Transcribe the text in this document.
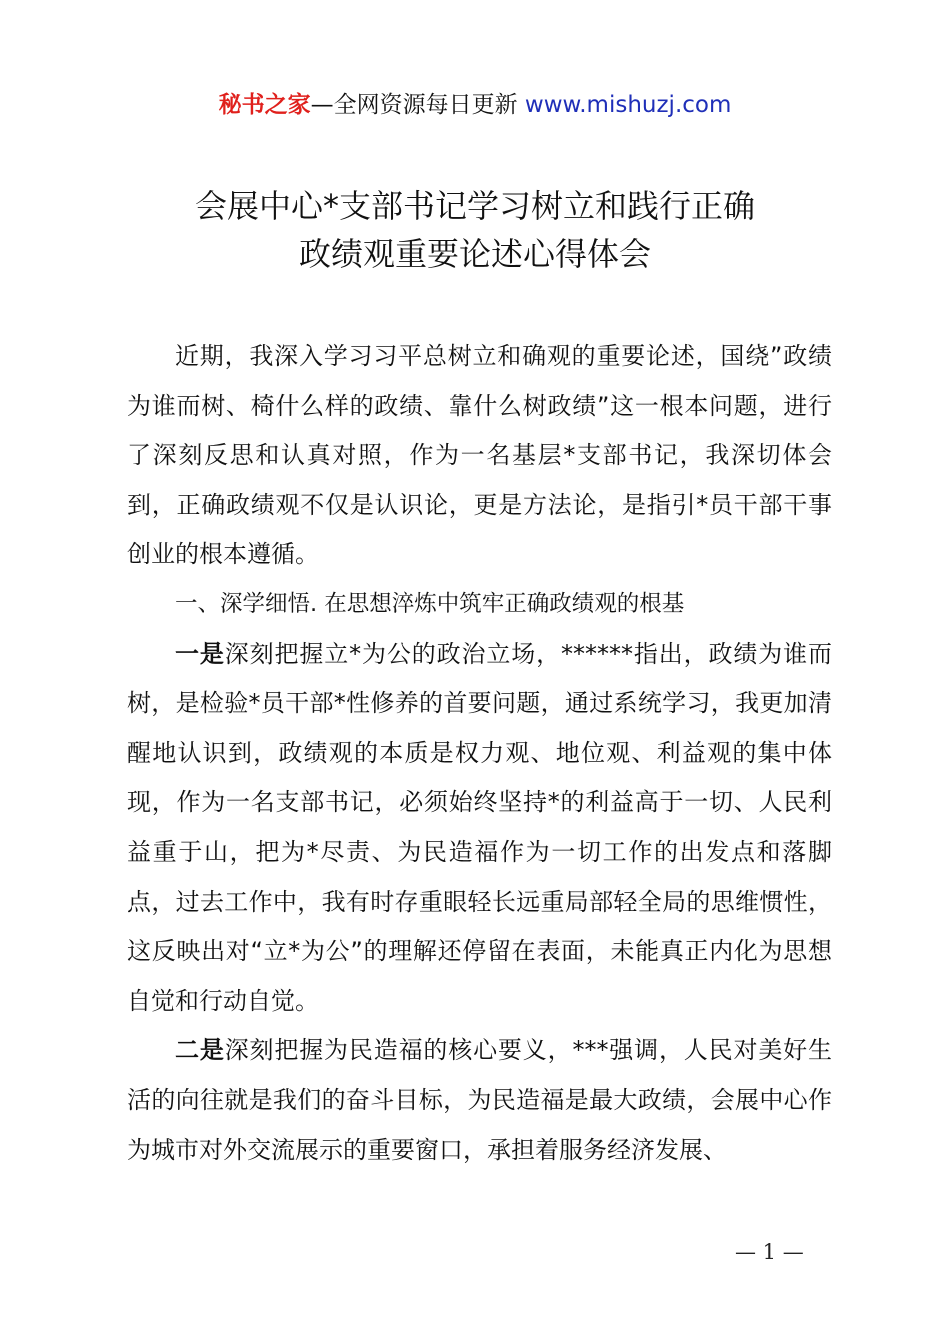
秘书之家—全网资源每日更新 www.mishuzj.com
会展中心*支部书记学习树立和践行正确
政绩观重要论述心得体会

近期，我深入学习习平总树立和确观的重要论述，国绕”政绩为谁而树、椅什么样的政绩、靠什么树政绩”这一根本问题，进行了深刻反思和认真对照，作为一名基层*支部书记，我深切体会到，正确政绩观不仅是认识论，更是方法论，是指引*员干部干事创业的根本遵循。

一、深学细悟. 在思想淬炼中筑牢正确政绩观的根基

一是深刻把握立*为公的政治立场，******指出，政绩为谁而树，是检验*员干部*性修养的首要问题，通过系统学习，我更加清醒地认识到，政绩观的本质是权力观、地位观、利益观的集中体现，作为一名支部书记，必须始终坚持*的利益高于一切、人民利益重于山，把为*尽责、为民造福作为一切工作的出发点和落脚点，过去工作中，我有时存重眼轻长远重局部轻全局的思维惯性，这反映出对“立*为公”的理解还停留在表面，未能真正内化为思想自觉和行动自觉。

二是深刻把握为民造福的核心要义，***强调，人民对美好生活的向往就是我们的奋斗目标，为民造福是最大政绩，会展中心作为城市对外交流展示的重要窗口，承担着服务经济发展、

— 1 —
